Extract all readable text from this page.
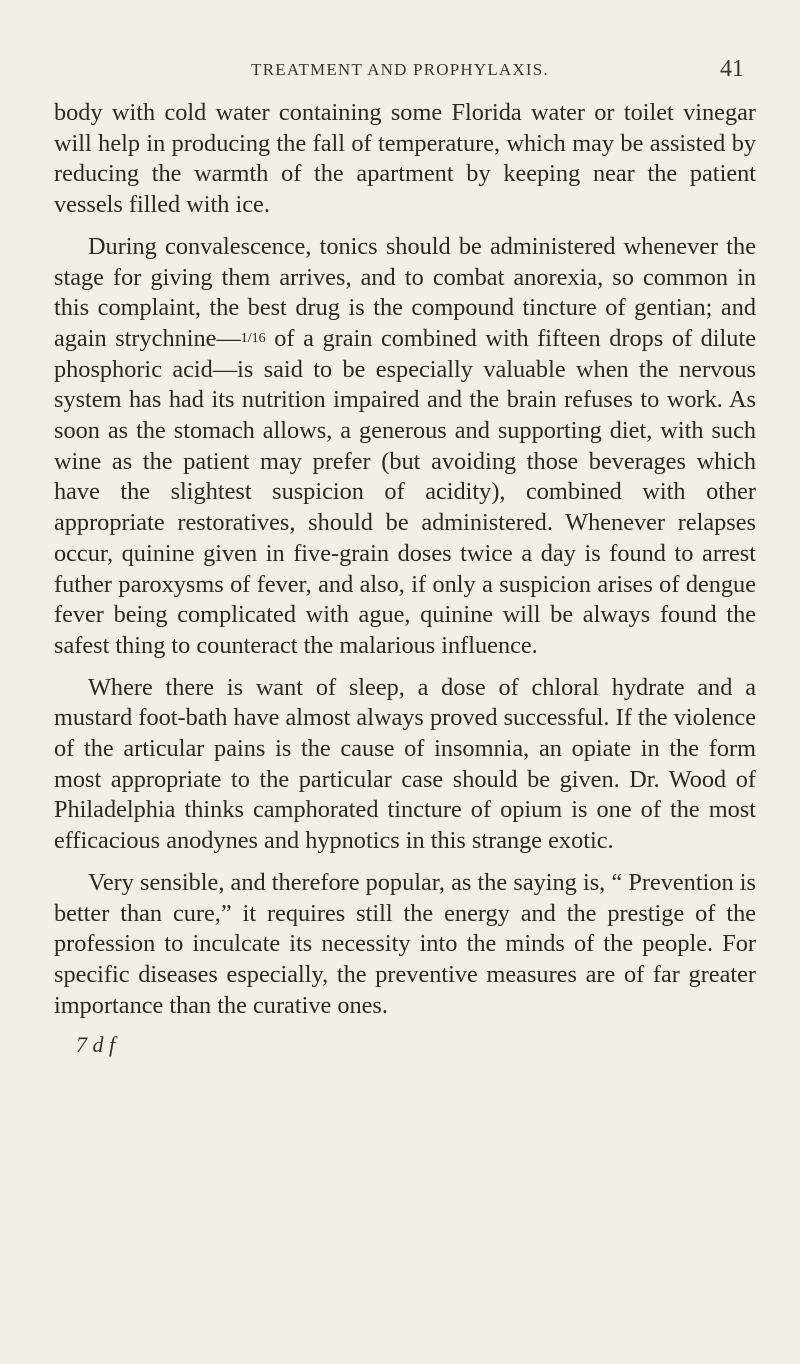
TREATMENT AND PROPHYLAXIS.	41

body with cold water containing some Florida water or toilet vinegar will help in producing the fall of temperature, which may be assisted by reducing the warmth of the apartment by keeping near the patient vessels filled with ice.

During convalescence, tonics should be administered whenever the stage for giving them arrives, and to combat anorexia, so common in this complaint, the best drug is the compound tincture of gentian; and again strychnine—1/16 of a grain combined with fifteen drops of dilute phosphoric acid—is said to be especially valuable when the nervous system has had its nutrition impaired and the brain refuses to work. As soon as the stomach allows, a generous and supporting diet, with such wine as the patient may prefer (but avoiding those beverages which have the slightest suspicion of acidity), combined with other appropriate restoratives, should be administered. Whenever relapses occur, quinine given in five-grain doses twice a day is found to arrest futher paroxysms of fever, and also, if only a suspicion arises of dengue fever being complicated with ague, quinine will be always found the safest thing to counteract the malarious influence.

Where there is want of sleep, a dose of chloral hydrate and a mustard foot-bath have almost always proved successful. If the violence of the articular pains is the cause of insomnia, an opiate in the form most appropriate to the particular case should be given. Dr. Wood of Philadelphia thinks camphorated tincture of opium is one of the most efficacious anodynes and hypnotics in this strange exotic.

Very sensible, and therefore popular, as the saying is, “ Prevention is better than cure,” it requires still the energy and the prestige of the profession to inculcate its necessity into the minds of the people. For specific diseases especially, the preventive measures are of far greater importance than the curative ones.

7 d f
